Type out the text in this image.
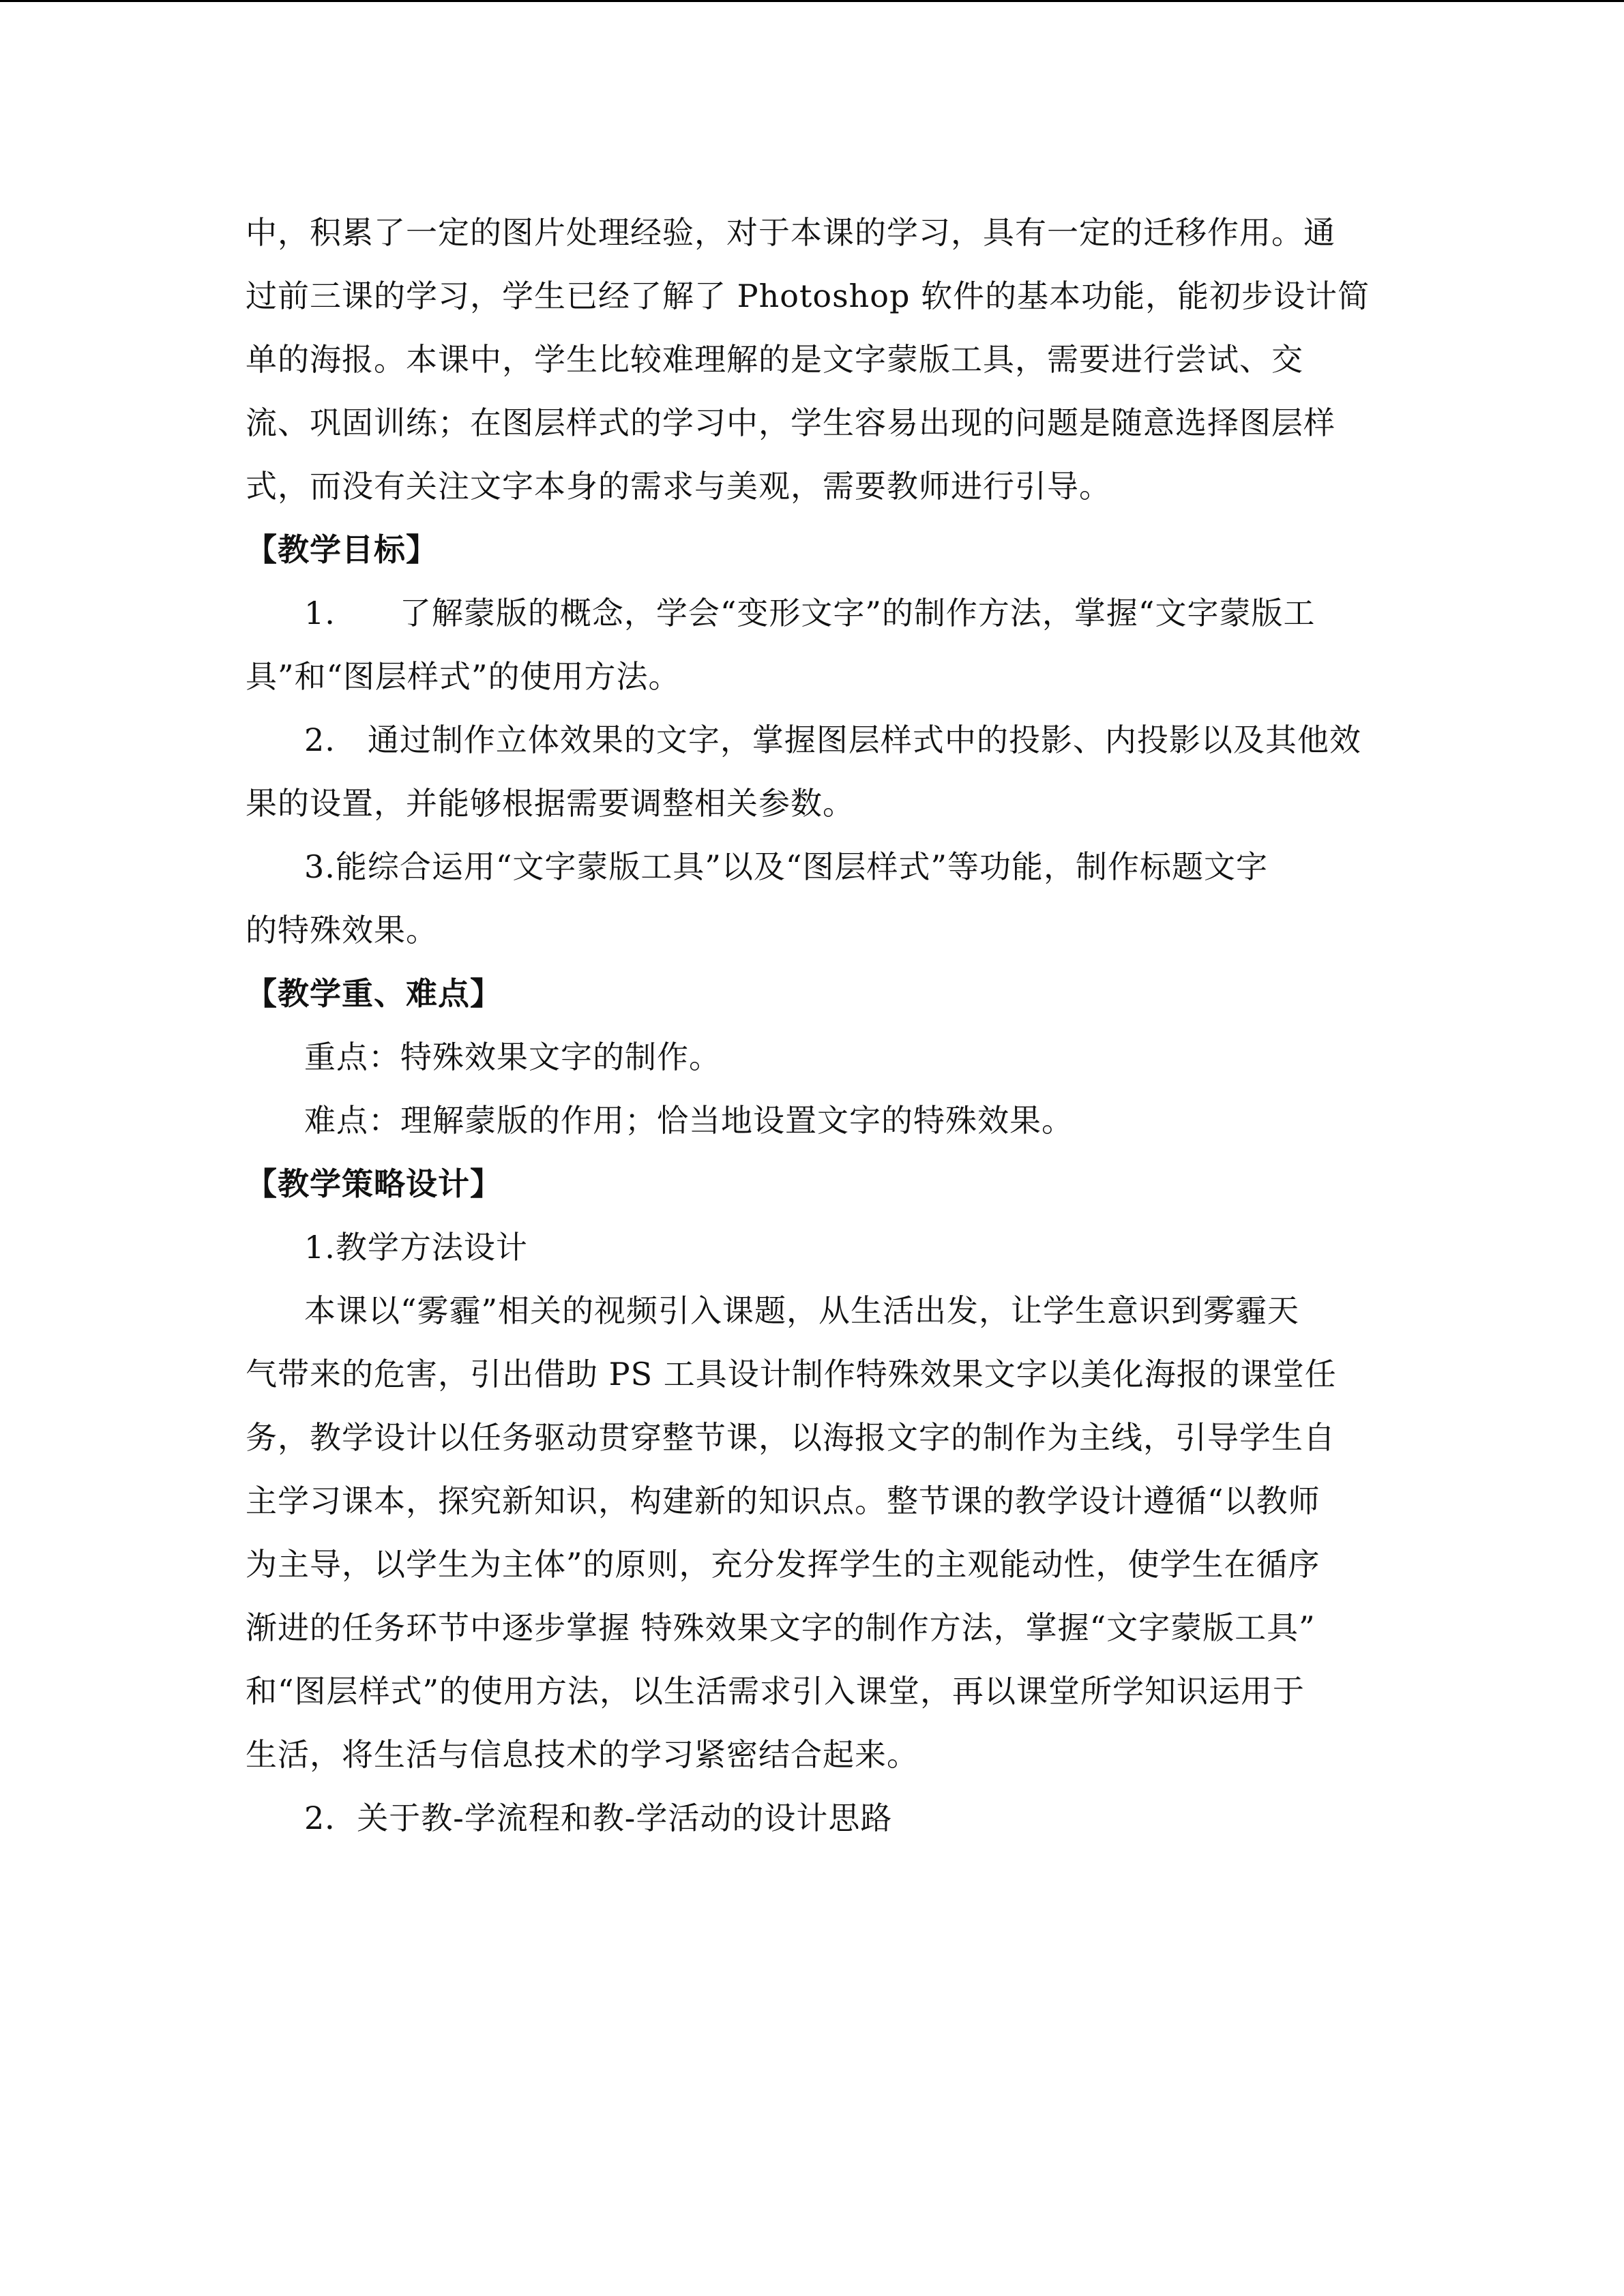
中，积累了一定的图片处理经验，对于本课的学习，具有一定的迁移作用。通
过前三课的学习，学生已经了解了 Photoshop 软件的基本功能，能初步设计简
单的海报。本课中，学生比较难理解的是文字蒙版工具，需要进行尝试、交
流、巩固训练；在图层样式的学习中，学生容易出现的问题是随意选择图层样
式，而没有关注文字本身的需求与美观，需要教师进行引导。

【教学目标】

1.　　了解蒙版的概念，学会“变形文字”的制作方法，掌握“文字蒙版工
具”和“图层样式”的使用方法。

2.　通过制作立体效果的文字，掌握图层样式中的投影、内投影以及其他效
果的设置，并能够根据需要调整相关参数。

3.能综合运用“文字蒙版工具”以及“图层样式”等功能，制作标题文字
的特殊效果。

【教学重、难点】

重点：特殊效果文字的制作。

难点：理解蒙版的作用；恰当地设置文字的特殊效果。

【教学策略设计】

1.教学方法设计

本课以“雾霾”相关的视频引入课题，从生活出发，让学生意识到雾霾天
气带来的危害，引出借助 PS 工具设计制作特殊效果文字以美化海报的课堂任
务，教学设计以任务驱动贯穿整节课，以海报文字的制作为主线，引导学生自
主学习课本，探究新知识，构建新的知识点。整节课的教学设计遵循“以教师
为主导，以学生为主体”的原则，充分发挥学生的主观能动性，使学生在循序
渐进的任务环节中逐步掌握 特殊效果文字的制作方法，掌握“文字蒙版工具”
和“图层样式”的使用方法，以生活需求引入课堂，再以课堂所学知识运用于
生活，将生活与信息技术的学习紧密结合起来。

2．关于教-学流程和教-学活动的设计思路
